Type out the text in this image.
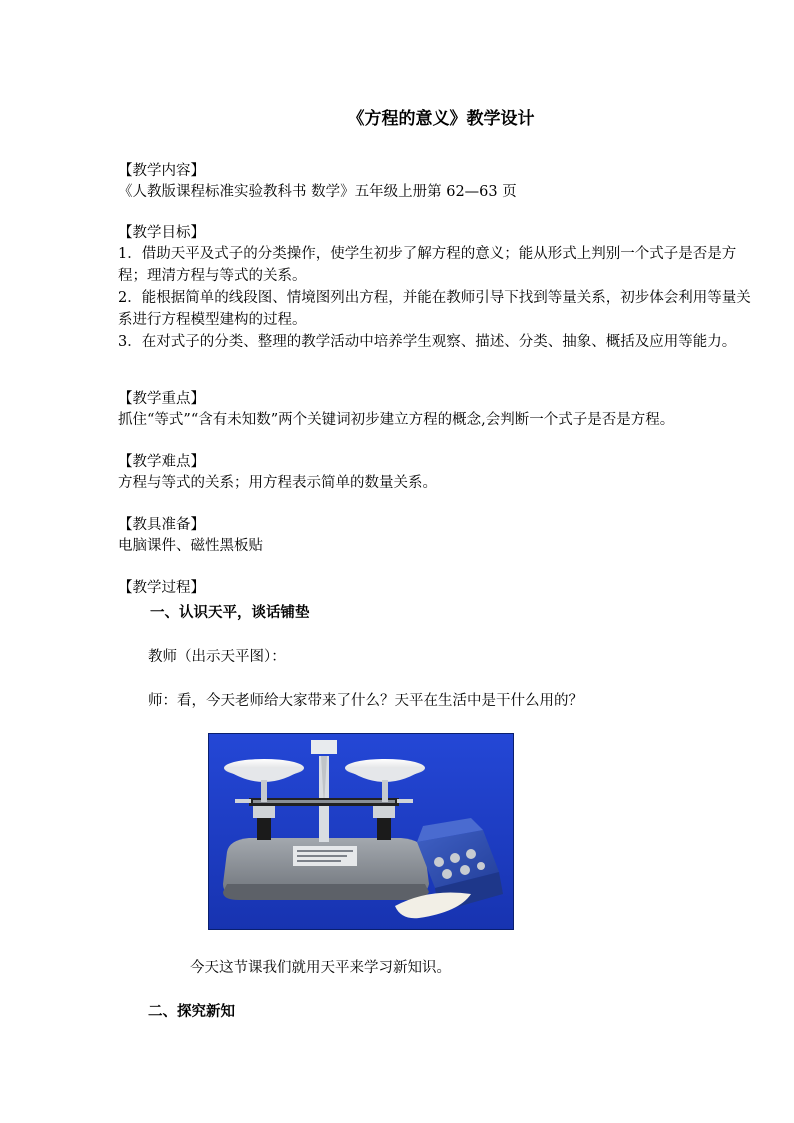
《方程的意义》教学设计
【教学内容】
《人教版课程标准实验教科书 数学》五年级上册第 62—63 页
【教学目标】
1．借助天平及式子的分类操作，使学生初步了解方程的意义；能从形式上判别一个式子是否是方程；理清方程与等式的关系。
2．能根据简单的线段图、情境图列出方程，并能在教师引导下找到等量关系，初步体会利用等量关系进行方程模型建构的过程。
3．在对式子的分类、整理的教学活动中培养学生观察、描述、分类、抽象、概括及应用等能力。
【教学重点】
抓住“等式”“含有未知数”两个关键词初步建立方程的概念,会判断一个式子是否是方程。
【教学难点】
方程与等式的关系；用方程表示简单的数量关系。
【教具准备】
电脑课件、磁性黑板贴
【教学过程】
一、认识天平，谈话铺垫
教师（出示天平图）：
师：看，今天老师给大家带来了什么？天平在生活中是干什么用的？
今天这节课我们就用天平来学习新知识。
二、探究新知
